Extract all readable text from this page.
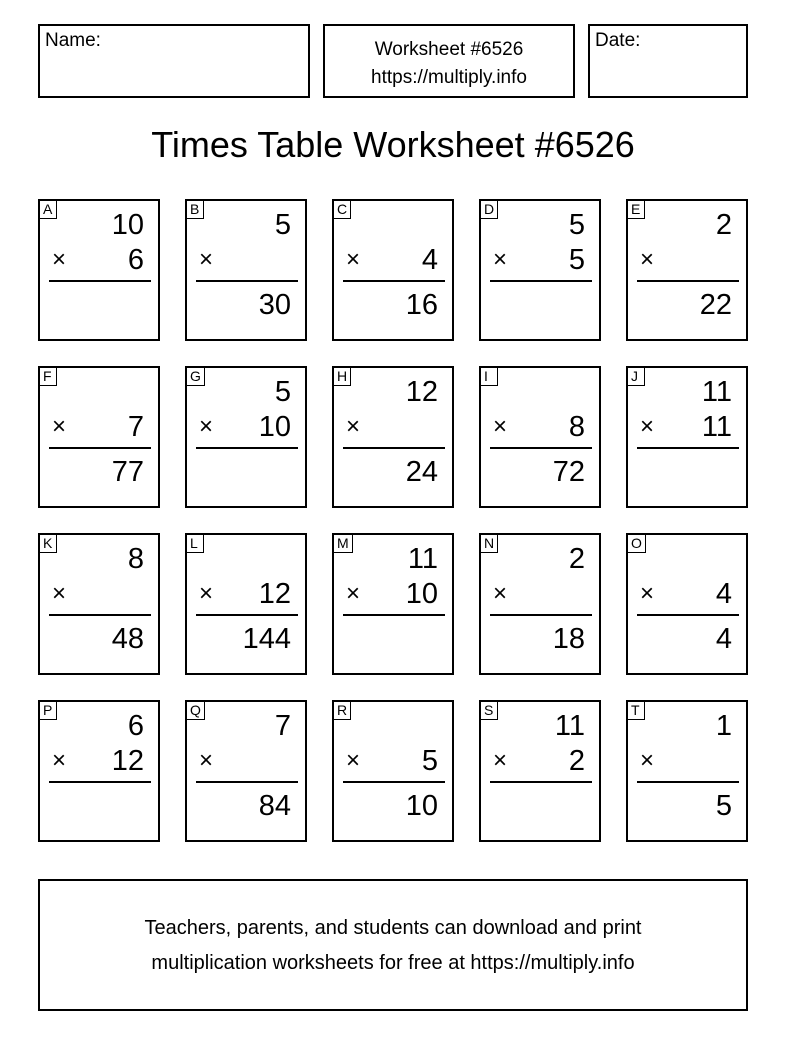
Name:	Worksheet #6526
https://multiply.info
Date:
Times Table Worksheet #6526
A 10
× 6
B	5
×
30
C
× 4
16
D	5
× 5
E	2
×
22
F
× 7
77
G	5
× 10
H 12
×
24
I
× 8
72
J 11
× 11
K	8
×
48
L
× 12
144
M 11
× 10
N	2
×
18
O
× 4
4
P	6
× 12
Q	7
×
84
R
× 5
10
S 11
× 2
T	1
×
5
Teachers, parents, and students can download and print
multiplication worksheets for free at https://multiply.info
